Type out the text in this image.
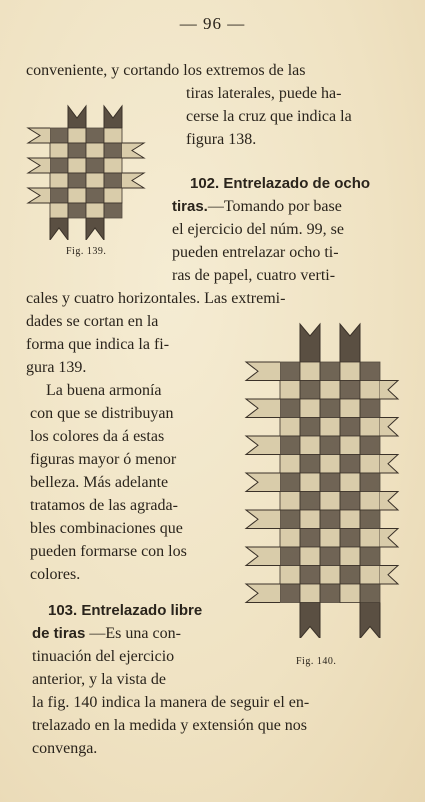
— 96 —
conveniente, y cortando los extremos de las
tiras laterales, puede ha-
cerse la cruz que indica la
figura 138.
Fig. 139.
102. Entrelazado de ocho
tiras.—Tomando por base
el ejercicio del núm. 99, se
pueden entrelazar ocho ti-
ras de papel, cuatro verti-
cales y cuatro horizontales. Las extremi-
dades se cortan en la
forma que indica la fi-
gura 139.
La buena armonía
con que se distribuyan
los colores da á estas
figuras mayor ó menor
belleza. Más adelante
tratamos de las agrada-
bles combinaciones que
pueden formarse con los
colores.
Fig. 140.
103. Entrelazado libre
de tiras —Es una con-
tinuación del ejercicio
anterior, y la vista de
la fig. 140 indica la manera de seguir el en-
trelazado en la medida y extensión que nos
convenga.
